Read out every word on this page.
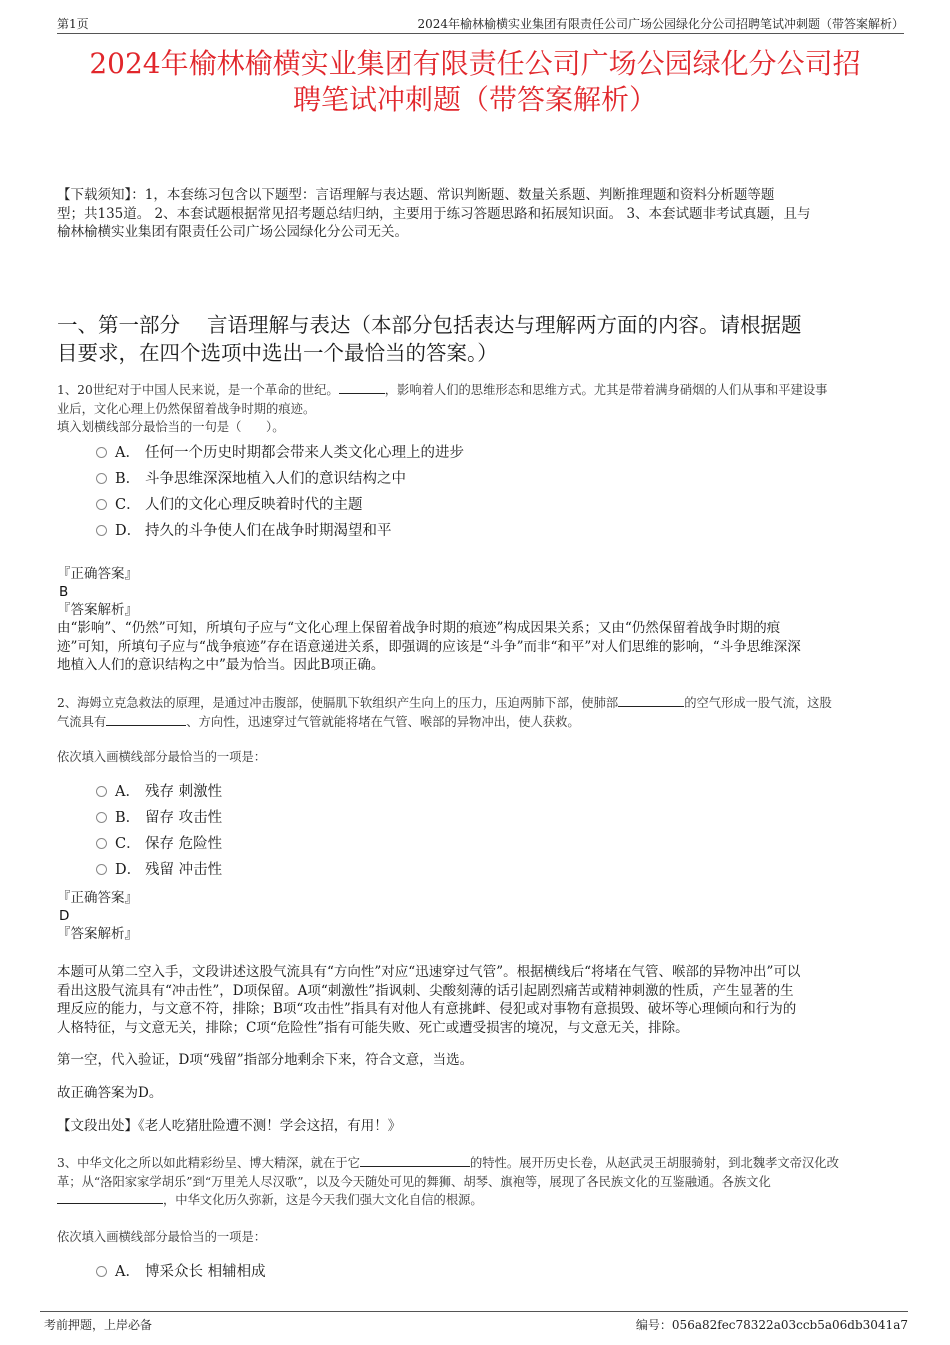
第1页	2024年榆林榆横实业集团有限责任公司广场公园绿化分公司招聘笔试冲刺题（带答案解析）
2024年榆林榆横实业集团有限责任公司广场公园绿化分公司招
聘笔试冲刺题（带答案解析）
【下载须知】：1，本套练习包含以下题型：言语理解与表达题、常识判断题、数量关系题、判断推理题和资料分析题等题
型；共135道。 2、本套试题根据常见招考题总结归纳，主要用于练习答题思路和拓展知识面。 3、本套试题非考试真题，且与
榆林榆横实业集团有限责任公司广场公园绿化分公司无关。
一、第一部分　 言语理解与表达（本部分包括表达与理解两方面的内容。请根据题
目要求，在四个选项中选出一个最恰当的答案。）
1、20世纪对于中国人民来说，是一个革命的世纪。	，影响着人们的思维形态和思维方式。尤其是带着满身硝烟的人们从事和平建设事
业后，文化心理上仍然保留着战争时期的痕迹。
填入划横线部分最恰当的一句是（　　）。
A． 任何一个历史时期都会带来人类文化心理上的进步
B． 斗争思维深深地植入人们的意识结构之中
C． 人们的文化心理反映着时代的主题
D． 持久的斗争使人们在战争时期渴望和平
『正确答案』
B
『答案解析』
由“影响”、“仍然”可知，所填句子应与“文化心理上保留着战争时期的痕迹”构成因果关系；又由“仍然保留着战争时期的痕
迹”可知，所填句子应与“战争痕迹”存在语意递进关系，即强调的应该是“斗争”而非“和平”对人们思维的影响，“斗争思维深深
地植入人们的意识结构之中”最为恰当。因此B项正确。
2、海姆立克急救法的原理，是通过冲击腹部，使膈肌下软组织产生向上的压力，压迫两肺下部，使肺部	的空气形成一股气流，这股
气流具有	、方向性，迅速穿过气管就能将堵在气管、喉部的异物冲出，使人获救。
依次填入画横线部分最恰当的一项是：
A． 残存 刺激性
B． 留存 攻击性
C． 保存 危险性
D． 残留 冲击性
『正确答案』
D
『答案解析』
本题可从第二空入手，文段讲述这股气流具有“方向性”对应“迅速穿过气管”。根据横线后“将堵在气管、喉部的异物冲出”可以
看出这股气流具有“冲击性”，D项保留。A项“刺激性”指讽刺、尖酸刻薄的话引起剧烈痛苦或精神刺激的性质，产生显著的生
理反应的能力，与文意不符，排除；B项“攻击性”指具有对他人有意挑衅、侵犯或对事物有意损毁、破坏等心理倾向和行为的
人格特征，与文意无关，排除；C项“危险性”指有可能失败、死亡或遭受损害的境况，与文意无关，排除。
第一空，代入验证，D项“残留”指部分地剩余下来，符合文意，当选。
故正确答案为D。
【文段出处】《老人吃猪肚险遭不测！学会这招，有用！》
3、中华文化之所以如此精彩纷呈、博大精深，就在于它	的特性。展开历史长卷，从赵武灵王胡服骑射，到北魏孝文帝汉化改
革；从“洛阳家家学胡乐”到“万里羌人尽汉歌”，以及今天随处可见的舞狮、胡琴、旗袍等，展现了各民族文化的互鉴融通。各族文化
，中华文化历久弥新，这是今天我们强大文化自信的根源。
依次填入画横线部分最恰当的一项是：
A． 博采众长 相辅相成
考前押题，上岸必备	编号：056a82fec78322a03ccb5a06db3041a7
